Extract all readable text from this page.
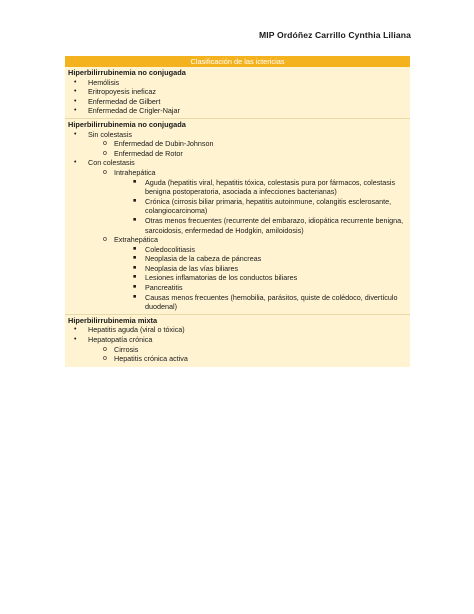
MIP Ordóñez Carrillo Cynthia Liliana
Clasificación de las ictericias
Hiperbilirrubinemia no conjugada
• Hemólisis
• Eritropoyesis ineficaz
• Enfermedad de Gilbert
• Enfermedad de Crigler-Najar
Hiperbilirrubinemia no conjugada
• Sin colestasis
o Enfermedad de Dubin-Johnson
o Enfermedad de Rotor
• Con colestasis
o Intrahepática
■ Aguda (hepatitis viral, hepatitis tóxica, colestasis pura por fármacos, colestasis benigna postoperatoria, asociada a infecciones bacterianas)
■ Crónica (cirrosis biliar primaria, hepatitis autoinmune, colangitis esclerosante, colangiocarcinoma)
■ Otras menos frecuentes (recurrente del embarazo, idiopática recurrente benigna, sarcoidosis, enfermedad de Hodgkin, amiloidosis)
o Extrahepática
■ Coledocolitiasis
■ Neoplasia de la cabeza de páncreas
■ Neoplasia de las vías biliares
■ Lesiones inflamatorias de los conductos biliares
■ Pancreatitis
■ Causas menos frecuentes (hemobilia, parásitos, quiste de colédoco, divertículo duodenal)
Hiperbilirrubinemia mixta
• Hepatitis aguda (viral o tóxica)
• Hepatopatía crónica
o Cirrosis
o Hepatitis crónica activa
